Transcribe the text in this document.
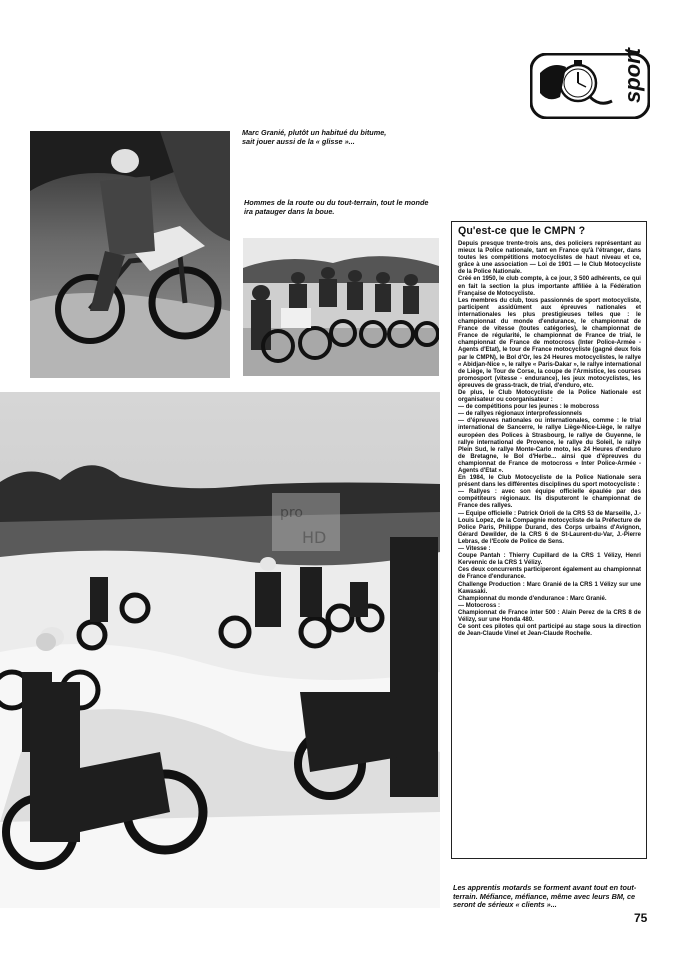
sport
Marc Granié, plutôt un habitué du bitume, sait jouer aussi de la « glisse »...
Hommes de la route ou du tout-terrain, tout le monde ira patauger dans la boue.
pro
HD
Les apprentis motards se forment avant tout en tout-terrain. Méfiance, méfiance, même avec leurs BM, ce seront de sérieux « clients »...
Qu'est-ce que le CMPN ?

Depuis presque trente-trois ans, des policiers représentant au mieux la Police nationale, tant en France qu'à l'étranger, dans toutes les compétitions motocyclistes de haut niveau et ce, grâce à une association — Loi de 1901 — le Club Motocycliste de la Police Nationale.

Créé en 1950, le club compte, à ce jour, 3 500 adhérents, ce qui en fait la section la plus importante affiliée à la Fédération Française de Motocycliste.

Les membres du club, tous passionnés de sport motocycliste, participent assidûment aux épreuves nationales et internationales les plus prestigieuses telles que : le championnat du monde d'endurance, le championnat de France de vitesse (toutes catégories), le championnat de France de régularité, le championnat de France de trial, le championnat de France de motocross (Inter Police-Armée - Agents d'Etat), le tour de France motocycliste (gagné deux fois par le CMPN), le Bol d'Or, les 24 Heures motocyclistes, le rallye « Abidjan-Nice », le rallye « Paris-Dakar », le rallye international de Liège, le Tour de Corse, la coupe de l'Armistice, les courses promosport (vitesse - endurance), les jeux motocyclistes, les épreuves de grass-track, de trial, d'enduro, etc.

De plus, le Club Motocycliste de la Police Nationale est organisateur ou coorganisateur :

— de compétitions pour les jeunes : le mobcross

— de rallyes régionaux interprofessionnels

— d'épreuves nationales ou internationales, comme : le trial international de Sancerre, le rallye Liège-Nice-Liège, le rallye européen des Polices à Strasbourg, le rallye de Guyenne, le rallye international de Provence, le rallye du Soleil, le rallye Plein Sud, le rallye Monte-Carlo moto, les 24 Heures d'enduro de Bretagne, le Bol d'Herbe... ainsi que d'épreuves du championnat de France de motocross « Inter Police-Armée - Agents d'Etat ».

En 1984, le Club Motocycliste de la Police Nationale sera présent dans les différentes disciplines du sport motocycliste :

— Rallyes : avec son équipe officielle épaulée par des compétiteurs régionaux. Ils disputeront le championnat de France des rallyes.

— Equipe officielle : Patrick Orioli de la CRS 53 de Marseille, J.-Louis Lopez, de la Compagnie motocycliste de la Préfecture de Police Paris, Philippe Durand, des Corps urbains d'Avignon, Gérard Dewilder, de la CRS 6 de St-Laurent-du-Var, J.-Pierre Lebras, de l'Ecole de Police de Sens.

— Vitesse :

Coupe Pantah : Thierry Cupillard de la CRS 1 Vélizy, Henri Kervennic de la CRS 1 Vélizy.

Ces deux concurrents participeront également au championnat de France d'endurance.

Challenge Production : Marc Granié de la CRS 1 Vélizy sur une Kawasaki.

Championnat du monde d'endurance : Marc Granié.

— Motocross :

Championnat de France inter 500 : Alain Perez de la CRS 8 de Vélizy, sur une Honda 480.

Ce sont ces pilotes qui ont participé au stage sous la direction de Jean-Claude Vinel et Jean-Claude Rochelle.

75
